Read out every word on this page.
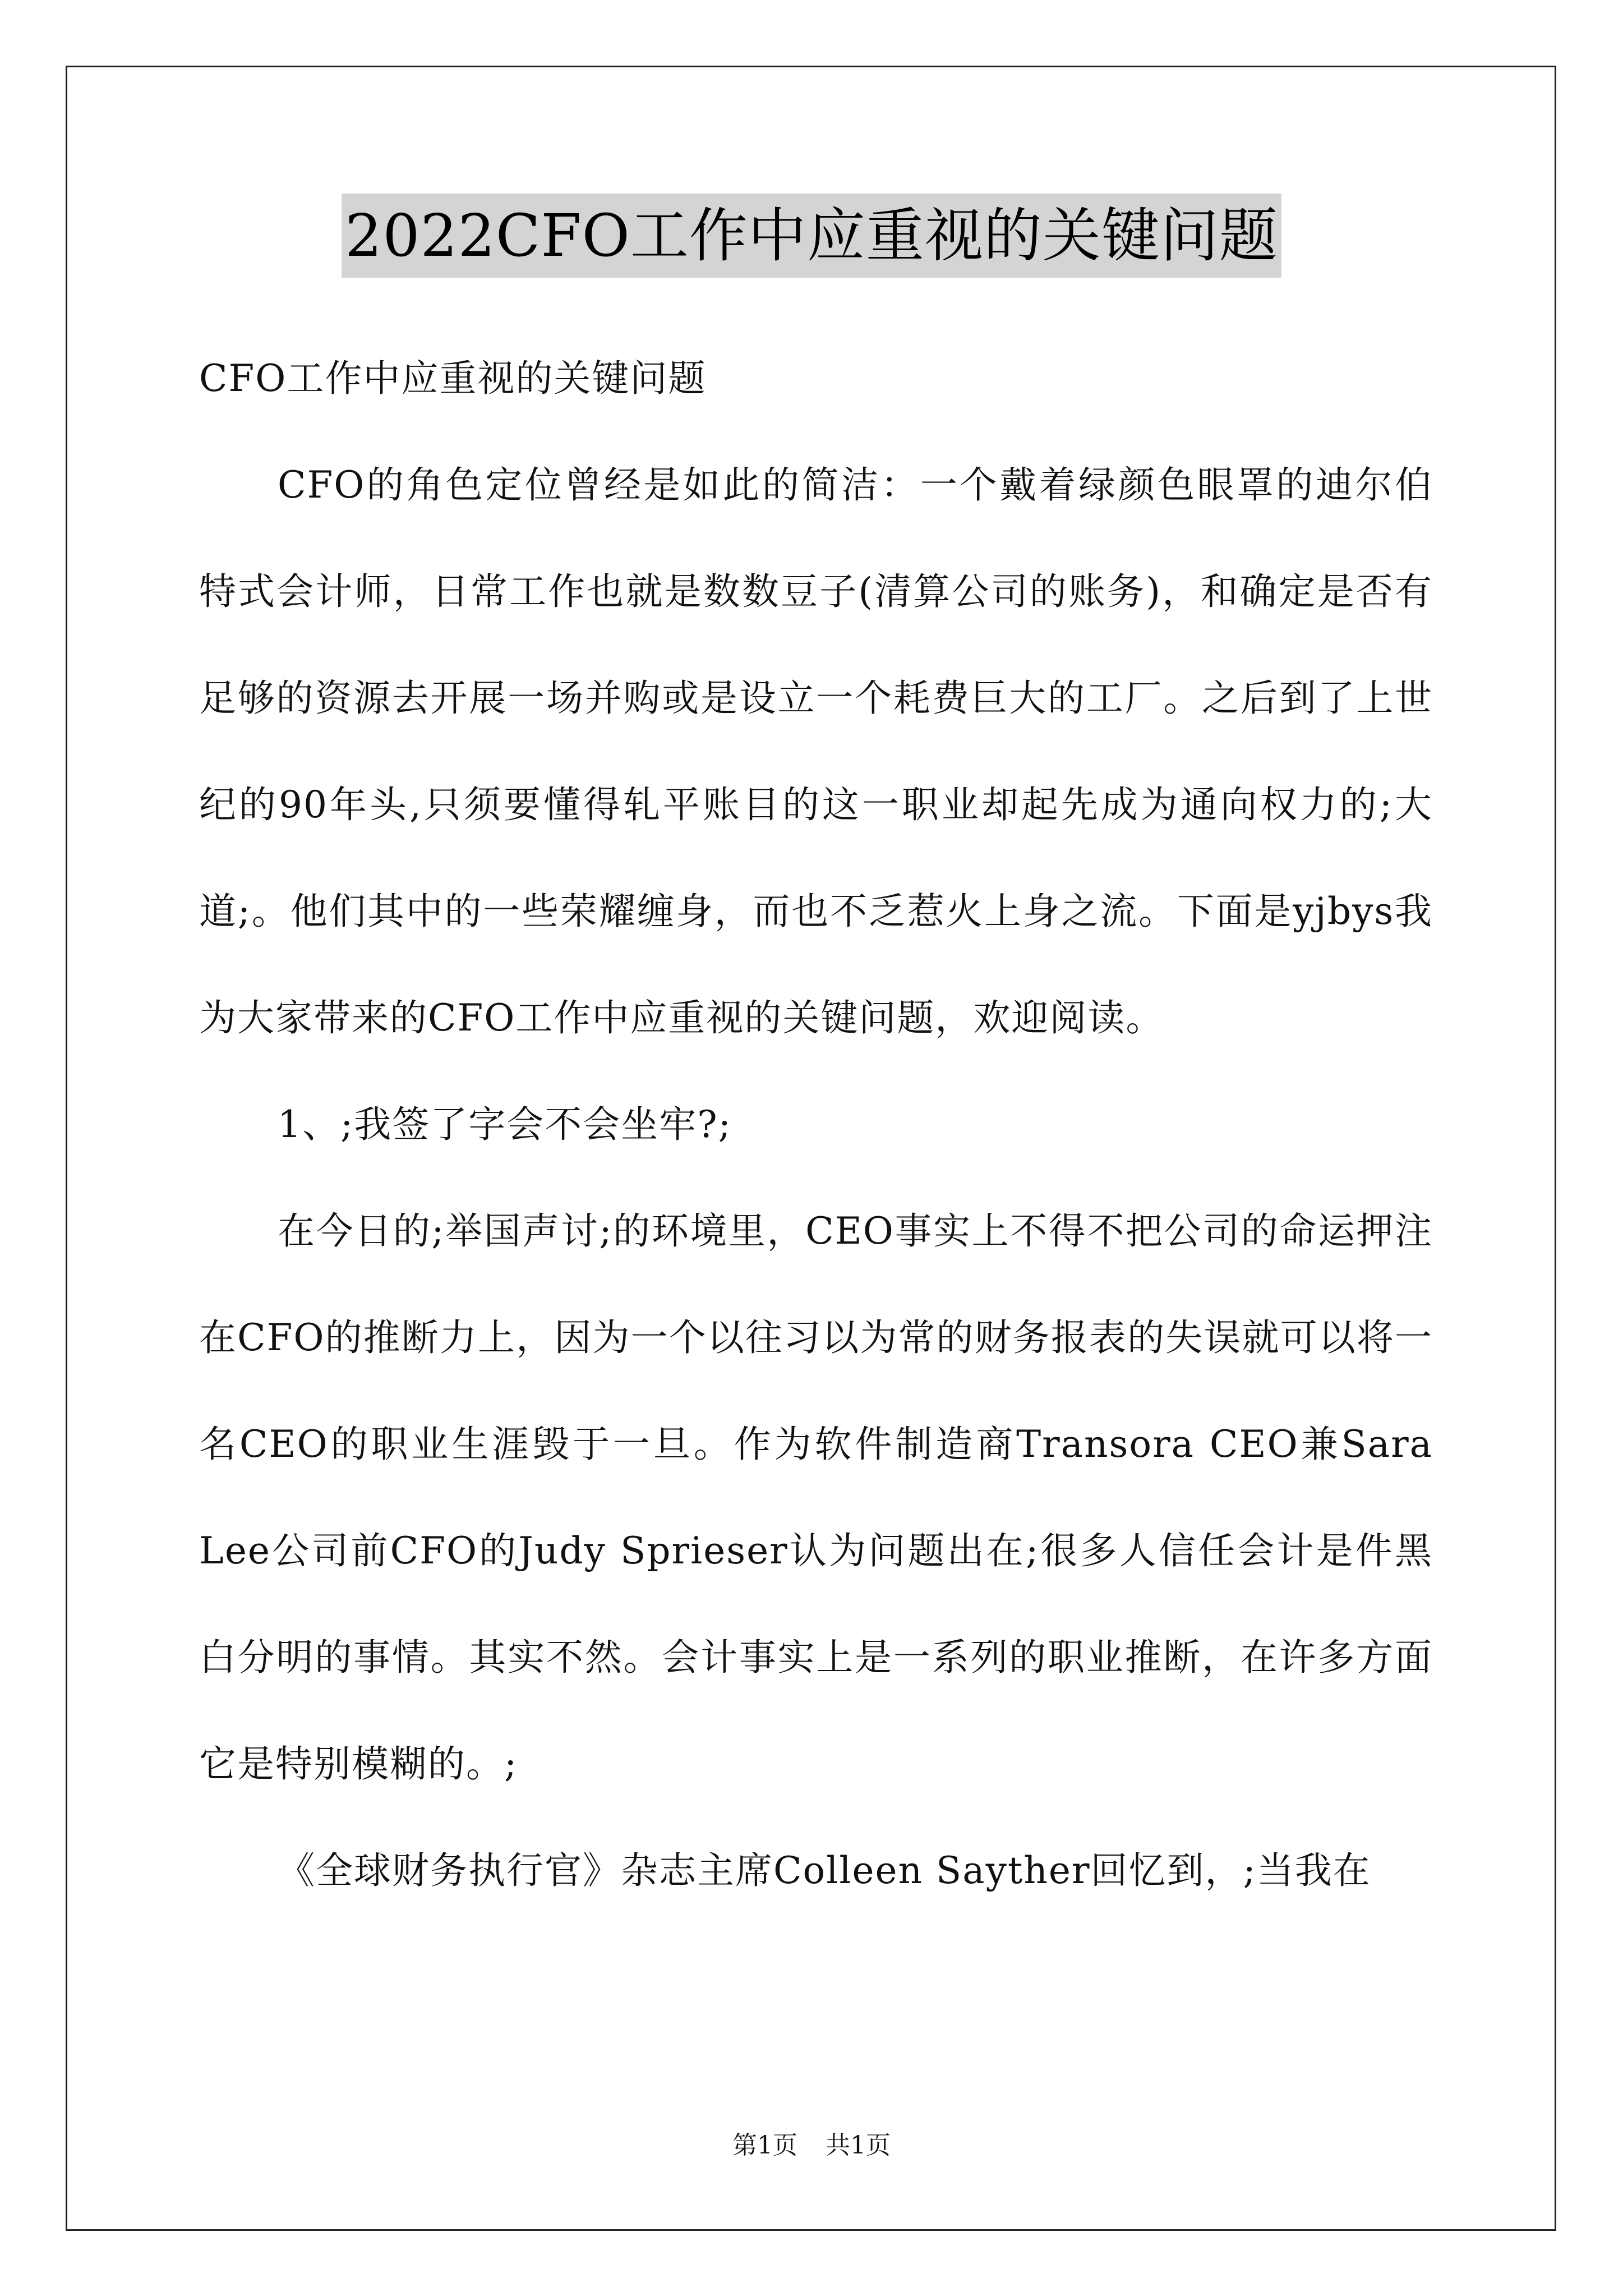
2022CFO工作中应重视的关键问题

CFO工作中应重视的关键问题

CFO的角色定位曾经是如此的简洁：一个戴着绿颜色眼罩的迪尔伯特式会计师，日常工作也就是数数豆子(清算公司的账务)，和确定是否有足够的资源去开展一场并购或是设立一个耗费巨大的工厂。之后到了上世纪的90年头,只须要懂得轧平账目的这一职业却起先成为通向权力的;大道;。他们其中的一些荣耀缠身，而也不乏惹火上身之流。下面是yjbys我为大家带来的CFO工作中应重视的关键问题，欢迎阅读。

1、;我签了字会不会坐牢?;

在今日的;举国声讨;的环境里，CEO事实上不得不把公司的命运押注在CFO的推断力上，因为一个以往习以为常的财务报表的失误就可以将一名CEO的职业生涯毁于一旦。作为软件制造商Transora CEO兼Sara Lee公司前CFO的Judy Sprieser认为问题出在;很多人信任会计是件黑白分明的事情。其实不然。会计事实上是一系列的职业推断，在许多方面它是特别模糊的。;

《全球财务执行官》杂志主席Colleen Sayther回忆到，;当我在

第1页 共1页
